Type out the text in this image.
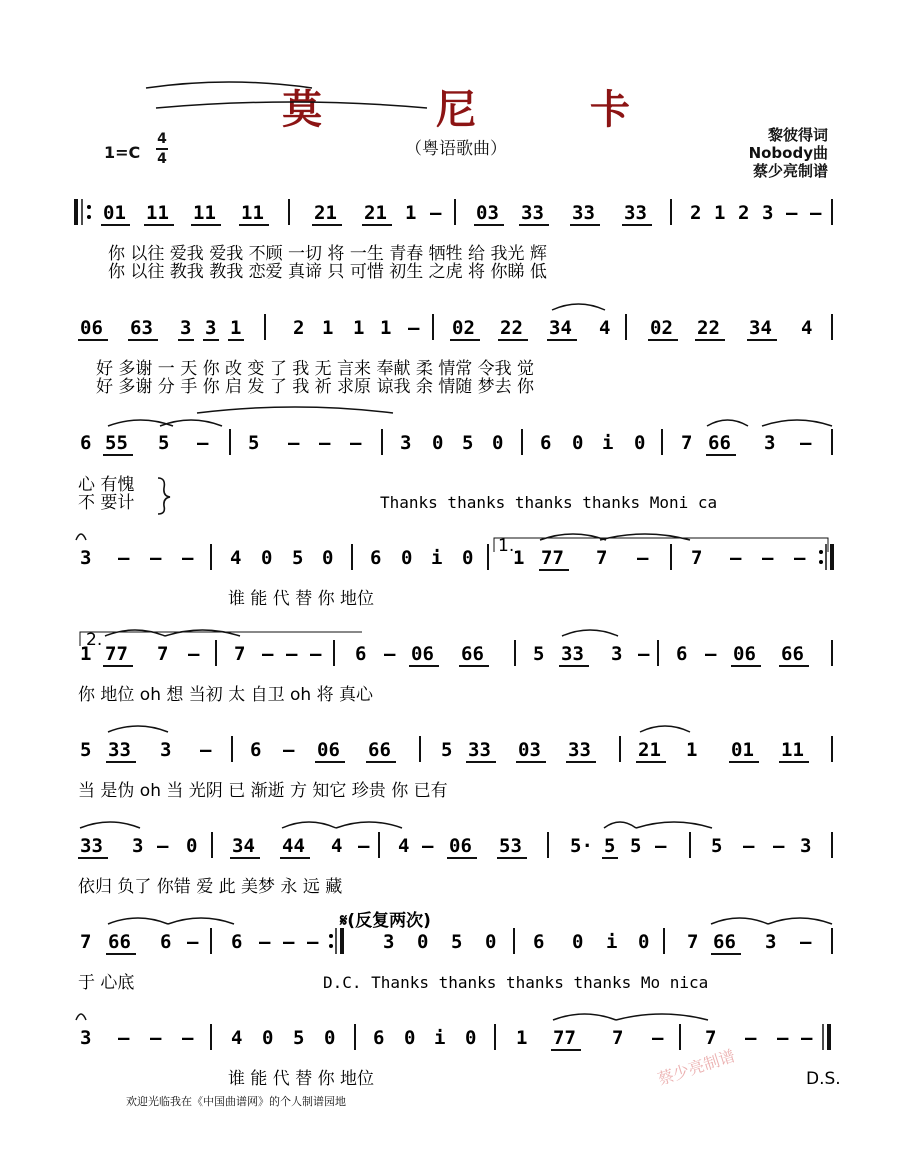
莫 尼 卡
（粤语歌曲）
1=C
4
4
黎彼得词
Nobody曲
蔡少亮制谱
01 11 11 11	21 21 1 – 03 33 33 33 2 1 2 3 – –
你 以往 爱我 爱我 不顾 一切 将 一生 青春 牺牲 给 我光 辉
你 以往 教我 教我 恋爱 真谛 只 可惜 初生 之虎 将 你睇 低
06 63 3 3 1	2 1 1 1 – 02 22 34 4 02 22 34 4
好 多谢 一 天 你 改 变 了 我 无 言来 奉献 柔 情常 令我 觉
好 多谢 分 手 你 启 发 了 我 祈 求原 谅我 余 情随 梦去 你
6 55 5 – 5 – – – 3 0 5 0 6 0 i 0 7 66 3 –
3 – – – 4 0 5 0 6 0 i 0 1 77 7 – 7 – – –
1 77 7 – 7 – – – 6 – 06 66	5 33 3 – 6 – 06 66
5 33 3 – 6 – 06 66	5 33 03 33 21 1 01 11
33 3 – 0 34 44 4 – 4 – 06 53	5· 5 5 – 5 – – 3
7 66 6 – 6 – – –	3 0 5 0 6 0 i 0 7 66 3 –
3 – – – 4 0 5 0 6 0 i 0 1 77 7 – 7 – – –
心 有愧
不 要计	Thanks thanks thanks thanks Moni ca
谁 能 代 替 你 地位
你 地位 oh 想 当初 太 自卫 oh 将 真心
当 是伪 oh 当 光阴 已 渐逝 方 知它 珍贵 你 已有
依归 负了 你错 爱 此 美梦 永 远 藏
于 心底	D.C. Thanks thanks thanks thanks Mo nica
谁 能 代 替 你 地位	D.S.
1.
2.
𝄋(反复两次)
欢迎光临我在《中国曲谱网》的个人制谱园地
蔡少亮制谱
